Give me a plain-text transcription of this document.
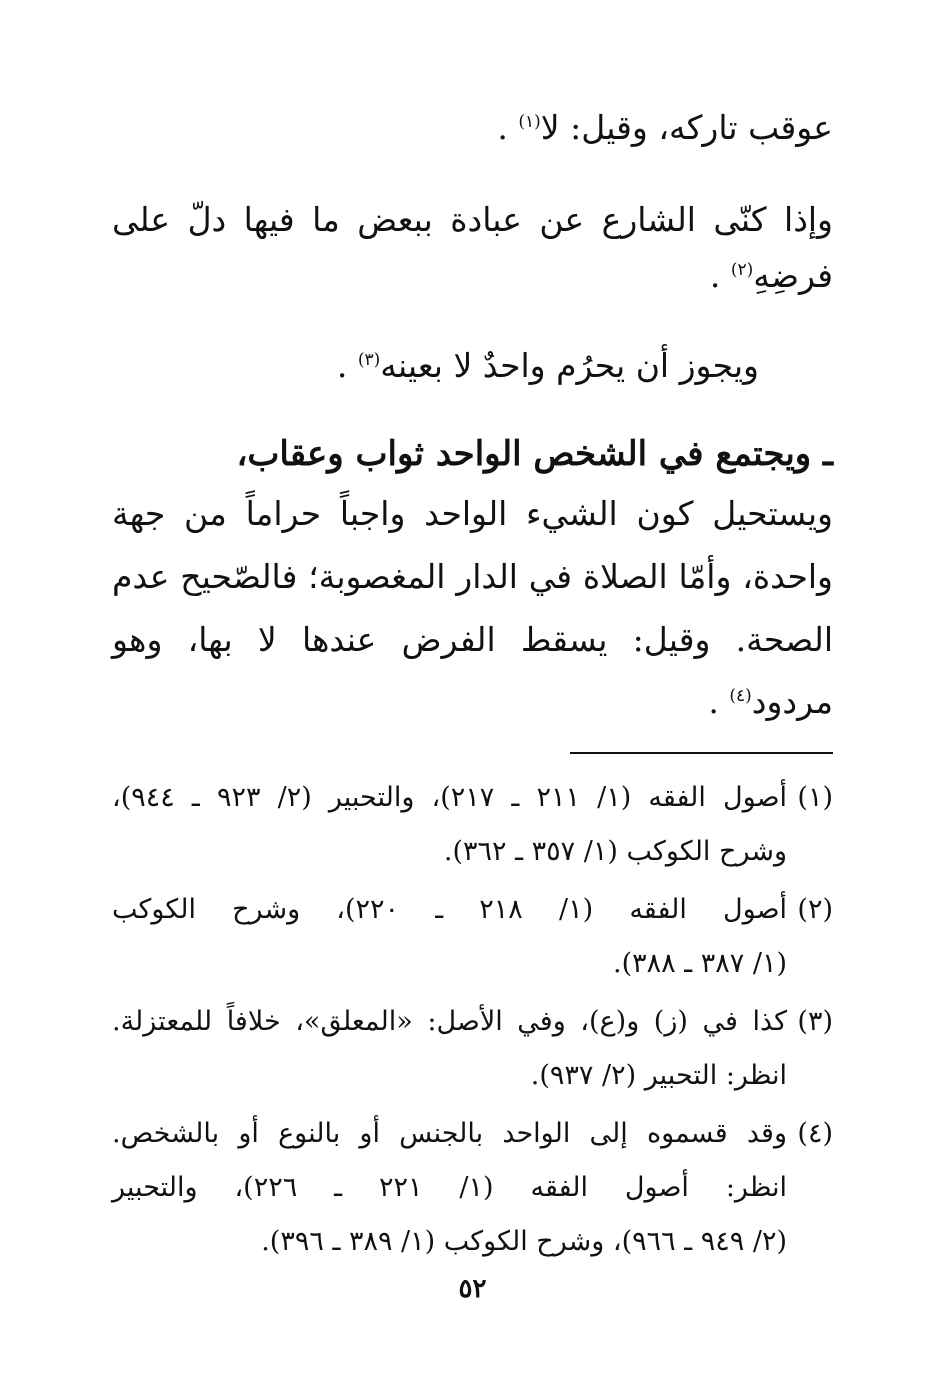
عوقب تاركه، وقيل: لا$^{(١)}$ .
وإذا كنّى الشارع عن عبادة ببعض ما فيها دلّ على
فرضِهِ$^{(٢)}$ .
ويجوز أن يحرُم واحدٌ لا بعينه$^{(٣)}$ .
ـ ويجتمع في الشخص الواحد ثواب وعقاب،
ويستحيل كون الشيء الواحد واجباً حراماً من جهة
واحدة، وأمّا الصلاة في الدار المغصوبة؛ فالصّحيح عدم
الصحة. وقيل: يسقط الفرض عندها لا بها، وهو
مردود$^{(٤)}$ .
(١)
أصول الفقه (١/ ٢١١ ـ ٢١٧)، والتحبير (٢/ ٩٢٣ ـ ٩٤٤)،
وشرح الكوكب (١/ ٣٥٧ ـ ٣٦٢).
(٢)
أصول الفقه (١/ ٢١٨ ـ ٢٢٠)، وشرح الكوكب
(١/ ٣٨٧ ـ ٣٨٨).
(٣)
كذا في (ز) و(ع)، وفي الأصل: «المعلق»، خلافاً للمعتزلة.
انظر: التحبير (٢/ ٩٣٧).
(٤)
وقد قسموه إلى الواحد بالجنس أو بالنوع أو بالشخص.
انظر: أصول الفقه (١/ ٢٢١ ـ ٢٢٦)، والتحبير
(٢/ ٩٤٩ ـ ٩٦٦)، وشرح الكوكب (١/ ٣٨٩ ـ ٣٩٦).
٥٢
